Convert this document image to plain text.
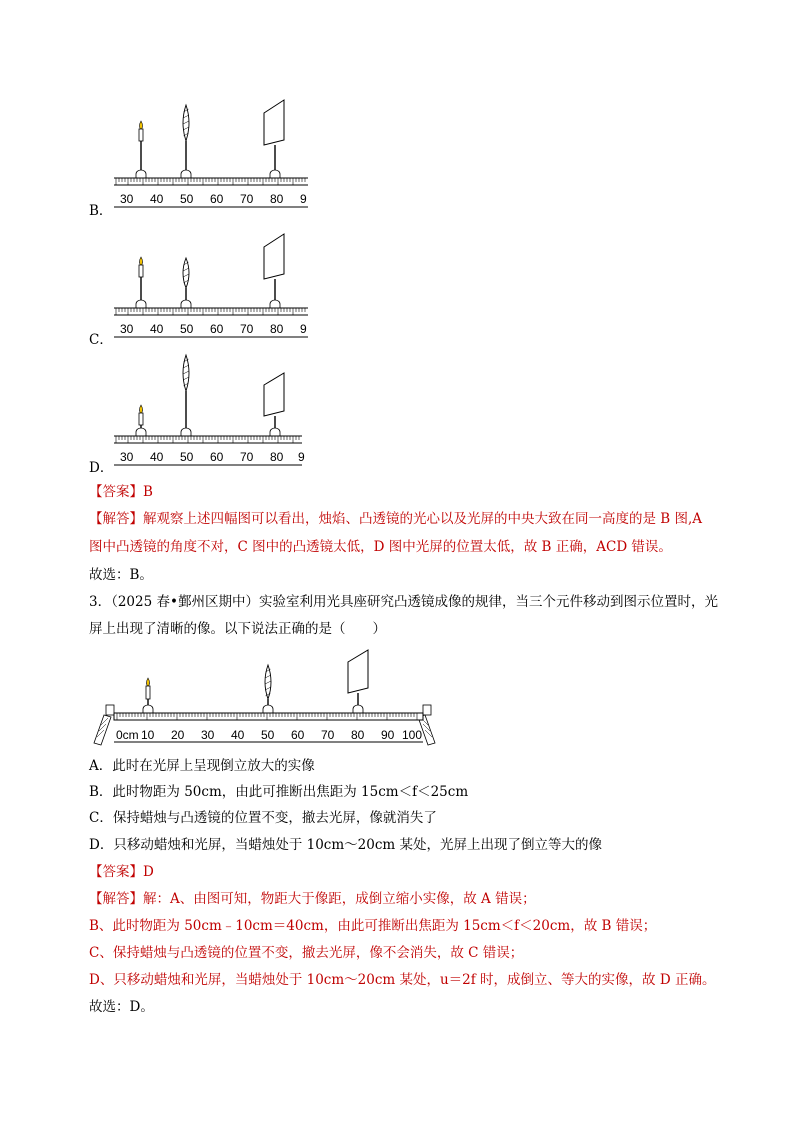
30 40 50 60 70 80 9
B．
30 40 50 60 70 80 9
C．
30 40 50 60 70 80 9
D．
【答案】B
【解答】解观察上述四幅图可以看出，烛焰、凸透镜的光心以及光屏的中央大致在同一高度的是 B 图,A
图中凸透镜的角度不对，C 图中的凸透镜太低，D 图中光屏的位置太低，故 B 正确，ACD 错误。
故选：B。
3．（2025 春•鄞州区期中）实验室利用光具座研究凸透镜成像的规律，当三个元件移动到图示位置时，光
屏上出现了清晰的像。以下说法正确的是（　　）
0cm 10 20 30 40 50 60 70 80 90 100
A．此时在光屏上呈现倒立放大的实像
B．此时物距为 50cm，由此可推断出焦距为 15cm＜f＜25cm
C．保持蜡烛与凸透镜的位置不变，撤去光屏，像就消失了
D．只移动蜡烛和光屏，当蜡烛处于 10cm～20cm 某处，光屏上出现了倒立等大的像
【答案】D
【解答】解：A、由图可知，物距大于像距，成倒立缩小实像，故 A 错误；
B、此时物距为 50cm﹣10cm＝40cm，由此可推断出焦距为 15cm＜f＜20cm，故 B 错误；
C、保持蜡烛与凸透镜的位置不变，撤去光屏，像不会消失，故 C 错误；
D、只移动蜡烛和光屏，当蜡烛处于 10cm～20cm 某处，u＝2f 时，成倒立、等大的实像，故 D 正确。
故选：D。
